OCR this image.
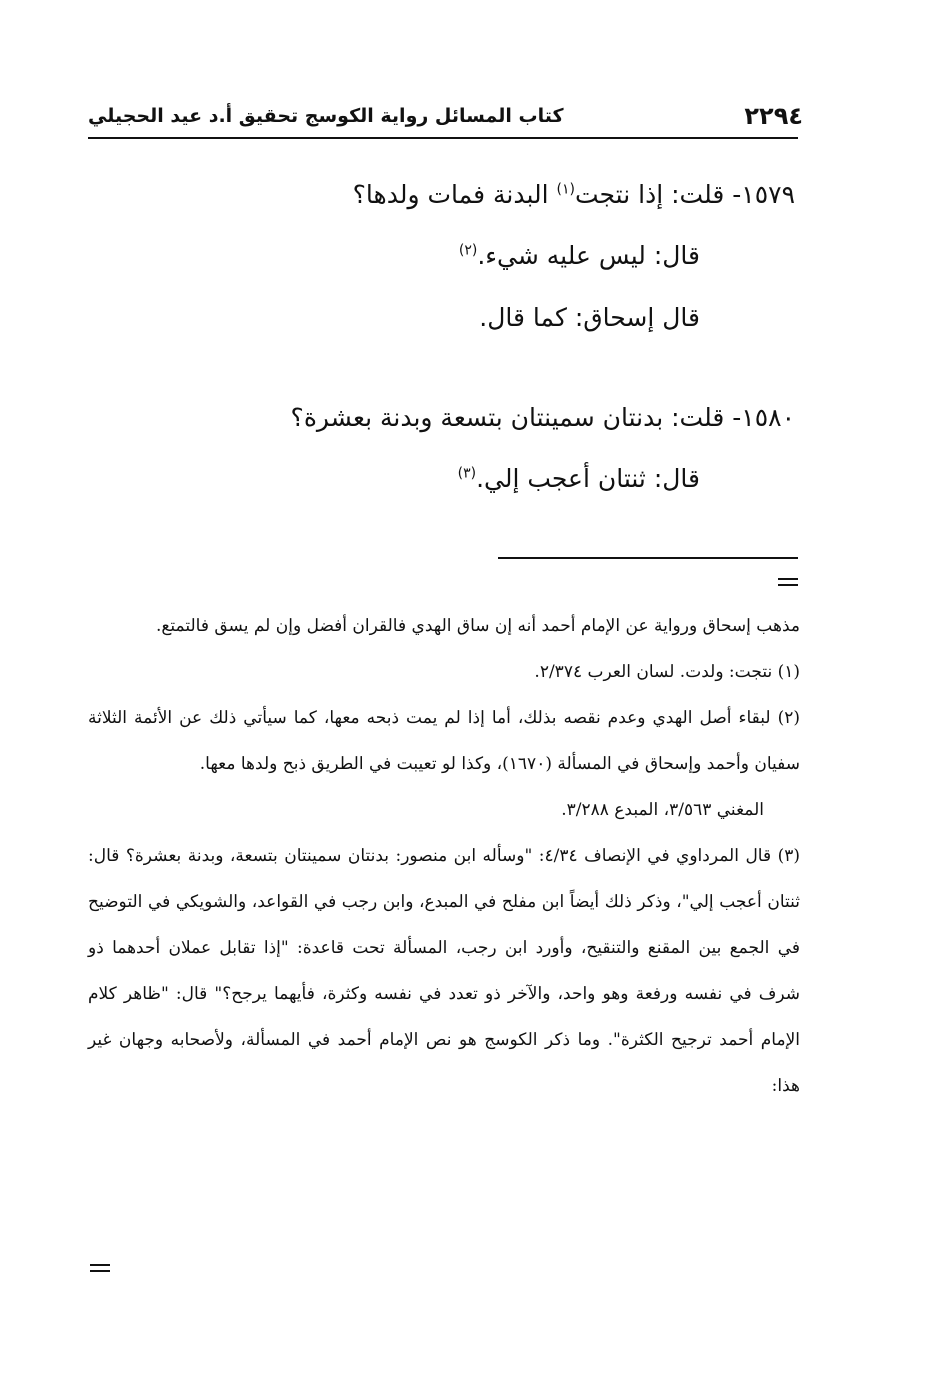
٢٢٩٤
كتاب المسائل رواية الكوسج تحقيق أ.د عيد الحجيلي
١٥٧٩- قلت: إذا نتجت$^{(١)}$ البدنة فمات ولدها؟
قال: ليس عليه شيء.$^{(٢)}$
قال إسحاق: كما قال.
١٥٨٠- قلت: بدنتان سمينتان بتسعة وبدنة بعشرة؟
قال: ثنتان أعجب إلي.$^{(٣)}$

مذهب إسحاق ورواية عن الإمام أحمد أنه إن ساق الهدي فالقران أفضل وإن لم يسق فالتمتع.

(١) نتجت: ولدت. لسان العرب ٢/٣٧٤.

(٢) لبقاء أصل الهدي وعدم نقصه بذلك، أما إذا لم يمت ذبحه معها، كما سيأتي ذلك عن الأئمة الثلاثة سفيان وأحمد وإسحاق في المسألة (١٦٧٠)، وكذا لو تعيبت في الطريق ذبح ولدها معها.

المغني ٣/٥٦٣، المبدع ٣/٢٨٨.

(٣) قال المرداوي في الإنصاف ٤/٣٤: "وسأله ابن منصور: بدنتان سمينتان بتسعة، وبدنة بعشرة؟ قال: ثنتان أعجب إلي"، وذكر ذلك أيضاً ابن مفلح في المبدع، وابن رجب في القواعد، والشويكي في التوضيح في الجمع بين المقنع والتنقيح، وأورد ابن رجب، المسألة تحت قاعدة: "إذا تقابل عملان أحدهما ذو شرف في نفسه ورفعة وهو واحد، والآخر ذو تعدد في نفسه وكثرة، فأيهما يرجح؟" قال: "ظاهر كلام الإمام أحمد ترجيح الكثرة". وما ذكر الكوسج هو نص الإمام أحمد في المسألة، ولأصحابه وجهان غير هذا:
